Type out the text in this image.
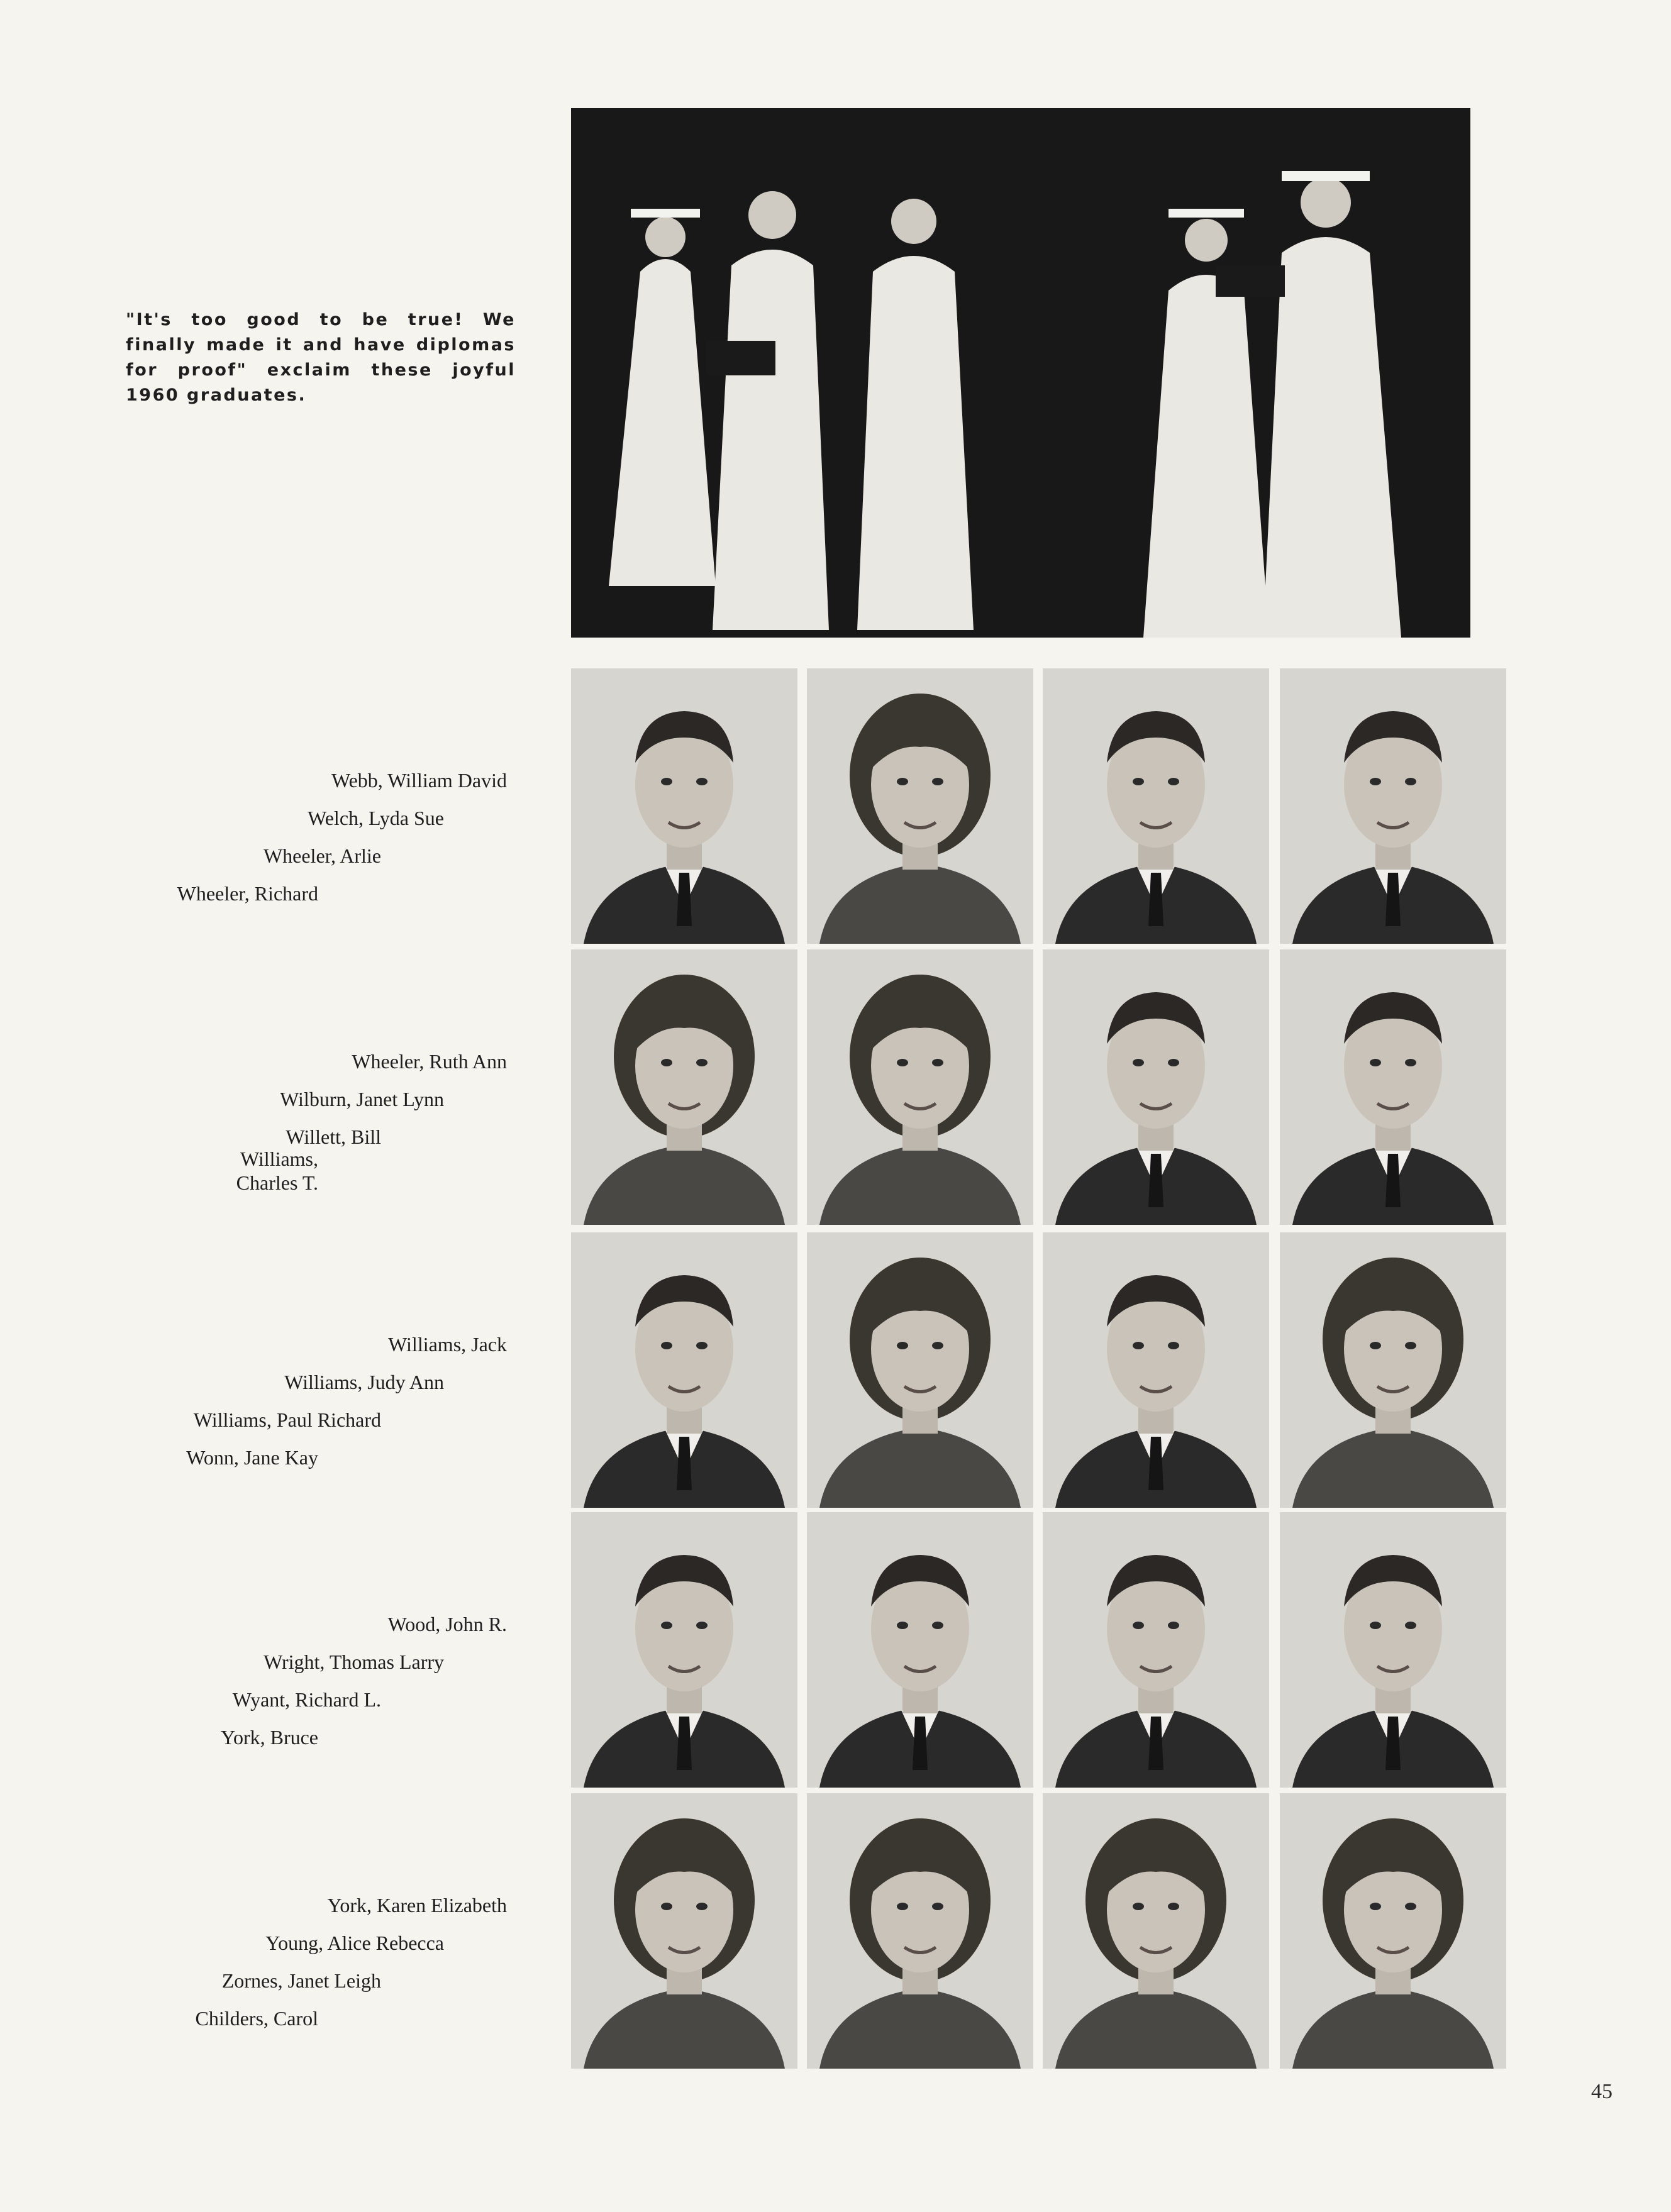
"It's too good to be true! We finally made it and have diplomas for proof" exclaim these joyful 1960 graduates.

Webb, William David
Welch, Lyda Sue
Wheeler, Arlie
Wheeler, Richard
Wheeler, Ruth Ann
Wilburn, Janet Lynn
Willett, Bill
Williams,
Charles T.
Williams, Jack
Williams, Judy Ann
Williams, Paul Richard
Wonn, Jane Kay
Wood, John R.
Wright, Thomas Larry
Wyant, Richard L.
York, Bruce
York, Karen Elizabeth
Young, Alice Rebecca
Zornes, Janet Leigh
Childers, Carol
45
